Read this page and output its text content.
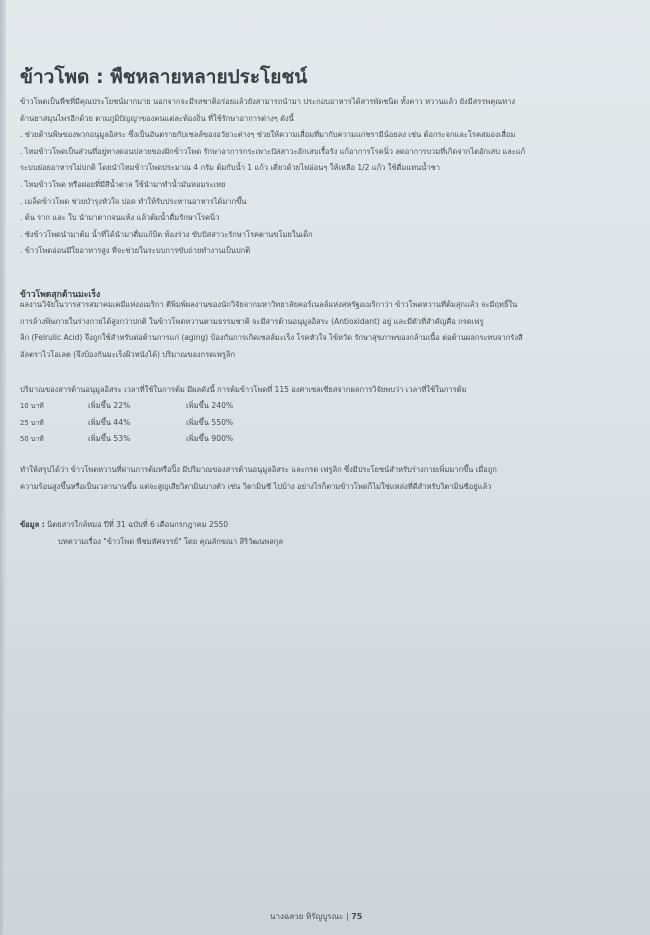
ข้าวโพด : พืชหลายหลายประโยชน์
ข้าวโพดเป็นพืชที่มีคุณประโยชน์มากมาย นอกจากจะมีรสชาติอร่อยแล้วยังสามารถนำมา ประกอบอาหารได้สารพัดชนิด ทั้งคาว หวานแล้ว ยังมีสรรพคุณทาง
ด้านยาสมุนไพรอีกด้วย ตามภูมิปัญญาของคนแต่ละท้องถิ่น ที่ใช้รักษาอาการต่างๆ ดังนี้
. ช่วยต้านพิษของพวกอนุมูลอิสระ ซึ่งเป็นอันตรายกับเซลล์ของอวัยวะต่างๆ ช่วยให้ความเสื่อมที่มากับความแก่ชรามีน้อยลง เช่น ต้อกระจกและโรคสมองเสื่อม
. ไหมข้าวโพดเป็นส่วนที่อยู่ทางตอนปลายของฝักข้าวโพด รักษาอาการกระเพาะปัสสาวะอักเสบเรื้อรัง แก้อาการโรคนิ่ว ลดอาการบวมที่เกิดจากไตอักเสบ และแก้
ระบบย่อยอาหารไม่ปกติ โดยนำไหมข้าวโพดประมาณ 4 กรัม ต้มกับน้ำ 1 แก้ว เคี่ยวด้วยไฟอ่อนๆ ให้เหลือ 1/2 แก้ว ใช้ดื่มแทนน้ำชา
. ไหมข้าวโพด หรือฝอยที่มีสีน้ำตาล ใช้นำมาทำน้ำมันหอมระเหย
. เมล็ดข้าวโพด ช่วยบำรุงหัวใจ ปอด ทำให้รับประทานอาหารได้มากขึ้น
. ต้น ราก และ ใบ นำมาตากจนแห้ง แล้วต้มน้ำดื่มรักษาโรคนิ่ว
. ซังข้าวโพดนำมาต้ม น้ำที่ได้นำมาดื่มแก้บิด ท้องร่วง ขับปัสสาวะรักษาโรคตานขโมยในเด็ก
. ข้าวโพดอ่อนมีใยอาหารสูง ที่จะช่วยในระบบการขับถ่ายทำงานเป็นปกติ
ข้าวโพดสุกต้านมะเร็ง
ผลงานวิจัยในวารสารสมาคมเคมีแห่งอเมริกา ตีพิมพ์ผลงานของนักวิจัยจากมหาวิทยาลัยคอร์เนลล์แห่งสหรัฐอเมริกาว่า ข้าวโพดหวานที่ต้มสุกแล้ว จะมีฤทธิ์ใน
การล้างพิษภายในร่างกายได้สูงกว่าปกติ ในข้าวโพดหวานตามธรรมชาติ จะมีสารต้านอนุมูลอิสระ (Antioxidant) อยู่ และมีตัวที่สำคัญคือ กรดเฟรู
ลิก (Felrulic Acid) จึงถูกใช้สำหรับต่อต้านการแก่ (aging) ป้องกันการเกิดเซลล์มะเร็ง โรคหัวใจ ไข้หวัด รักษาสุขภาพของกล้ามเนื้อ ต่อต้านผลกระทบจากรังสี
อัลตราไวโอเลต (จึงป้องกันมะเร็งผิวหนังได้) ปริมาณของกรดเฟรูลิก
ปริมาณของสารต้านอนุมูลอิสระ เวลาที่ใช้ในการต้ม มีผลดังนี้ การต้มข้าวโพดที่ 115 องศาเซลเซียสจากผลการวิจัยพบว่า เวลาที่ใช้ในการต้ม
10 นาที	เพิ่มขึ้น 22%	เพิ่มขึ้น 240%
25 นาที	เพิ่มขึ้น 44%	เพิ่มขึ้น 550%
50 นาที	เพิ่มขึ้น 53%	เพิ่มขึ้น 900%
ทำให้สรุปได้ว่า ข้าวโพดหวานที่ผ่านการต้มหรือปิ้ง มีปริมาณของสารต้านอนุมูลอิสระ และกรด เฟรูลิก ซึ่งมีประโยชน์สำหรับร่างกายเพิ่มมากขึ้น เมื่อถูก
ความร้อนสูงขึ้นหรือเป็นเวลานานขึ้น แต่จะสูญเสียวิตามินบางตัว เช่น วิตามินซี ไปบ้าง อย่างไรก็ตามข้าวโพดก็ไม่ใช่แหล่งที่ดีสำหรับวิตามินซีอยู่แล้ว
ข้อมูล : นิตยสารใกล้หมอ ปีที่ 31 ฉบับที่ 6 เดือนกรกฎาคม 2550
บทความเรื่อง "ข้าวโพด พืชมหัศจรรย์" โดย คุณลักขณา สิริวัฒนพลกุล
นางฉลวย หิรัญบูรณะ | 75
